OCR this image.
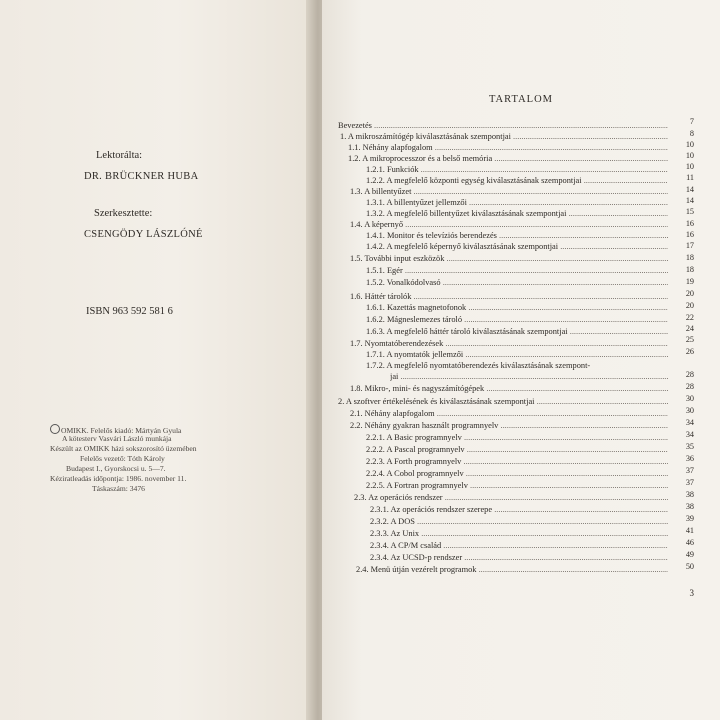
Lektorálta:
DR. BRÜCKNER HUBA
Szerkesztette:
CSENGÖDY LÁSZLÓNÉ
ISBN 963 592 581 6
OMIKK. Felelős kiadó: Mártyán Gyula
A kötesterv Vasvári László munkája
Készült az OMIKK házi sokszorosító üzemében
Felelős vezető: Tóth Károly
Budapest I., Gyorskocsi u. 5—7.
Kéziratleadás időpontja: 1986. november 11.
Táskaszám: 3476
TARTALOM
Bevezetés .....	7
1. A mikroszámítógép kiválasztásának szempontjai .....	8
1.1. Néhány alapfogalom .....	10
1.2. A mikroprocesszor és a belső memória .....	10
1.2.1. Funkciók .....	10
1.2.2. A megfelelő központi egység kiválasztásának szempontjai .....	11
1.3. A billentyűzet .....	14
1.3.1. A billentyűzet jellemzői .....	14
1.3.2. A megfelelő billentyűzet kiválasztásának szempontjai .....	15
1.4. A képernyő .....	16
1.4.1. Monitor és televíziós berendezés .....	16
1.4.2. A megfelelő képernyő kiválasztásának szempontjai .....	17
1.5. További input eszközök .....	18
1.5.1. Egér .....	18
1.5.2. Vonalkódolvasó .....	19
1.6. Háttér tárolók .....	20
1.6.1. Kazettás magnetofonok .....	20
1.6.2. Mágneslemezes tároló .....	22
1.6.3. A megfelelő háttér tároló kiválasztásának szempontjai .....	24
1.7. Nyomtatóberendezések .....	25
1.7.1. A nyomtatók jellemzői .....	26
1.7.2. A megfelelő nyomtatóberendezés kiválasztásának szempont-
jai .....	28
1.8. Mikro-, mini- és nagyszámítógépek .....	28
2. A szoftver értékelésének és kiválasztásának szempontjai .....	30
2.1. Néhány alapfogalom .....	30
2.2. Néhány gyakran használt programnyelv .....	34
2.2.1. A Basic programnyelv .....	34
2.2.2. A Pascal programnyelv .....	35
2.2.3. A Forth programnyelv .....	36
2.2.4. A Cobol programnyelv .....	37
2.2.5. A Fortran programnyelv .....	37
2.3. Az operációs rendszer .....	38
2.3.1. Az operációs rendszer szerepe .....	38
2.3.2. A DOS .....	39
2.3.3. Az Unix .....	41
2.3.4. A CP/M család .....	46
2.3.4. Az UCSD-p rendszer .....	49
2.4. Menü útján vezérelt programok .....	50
3
